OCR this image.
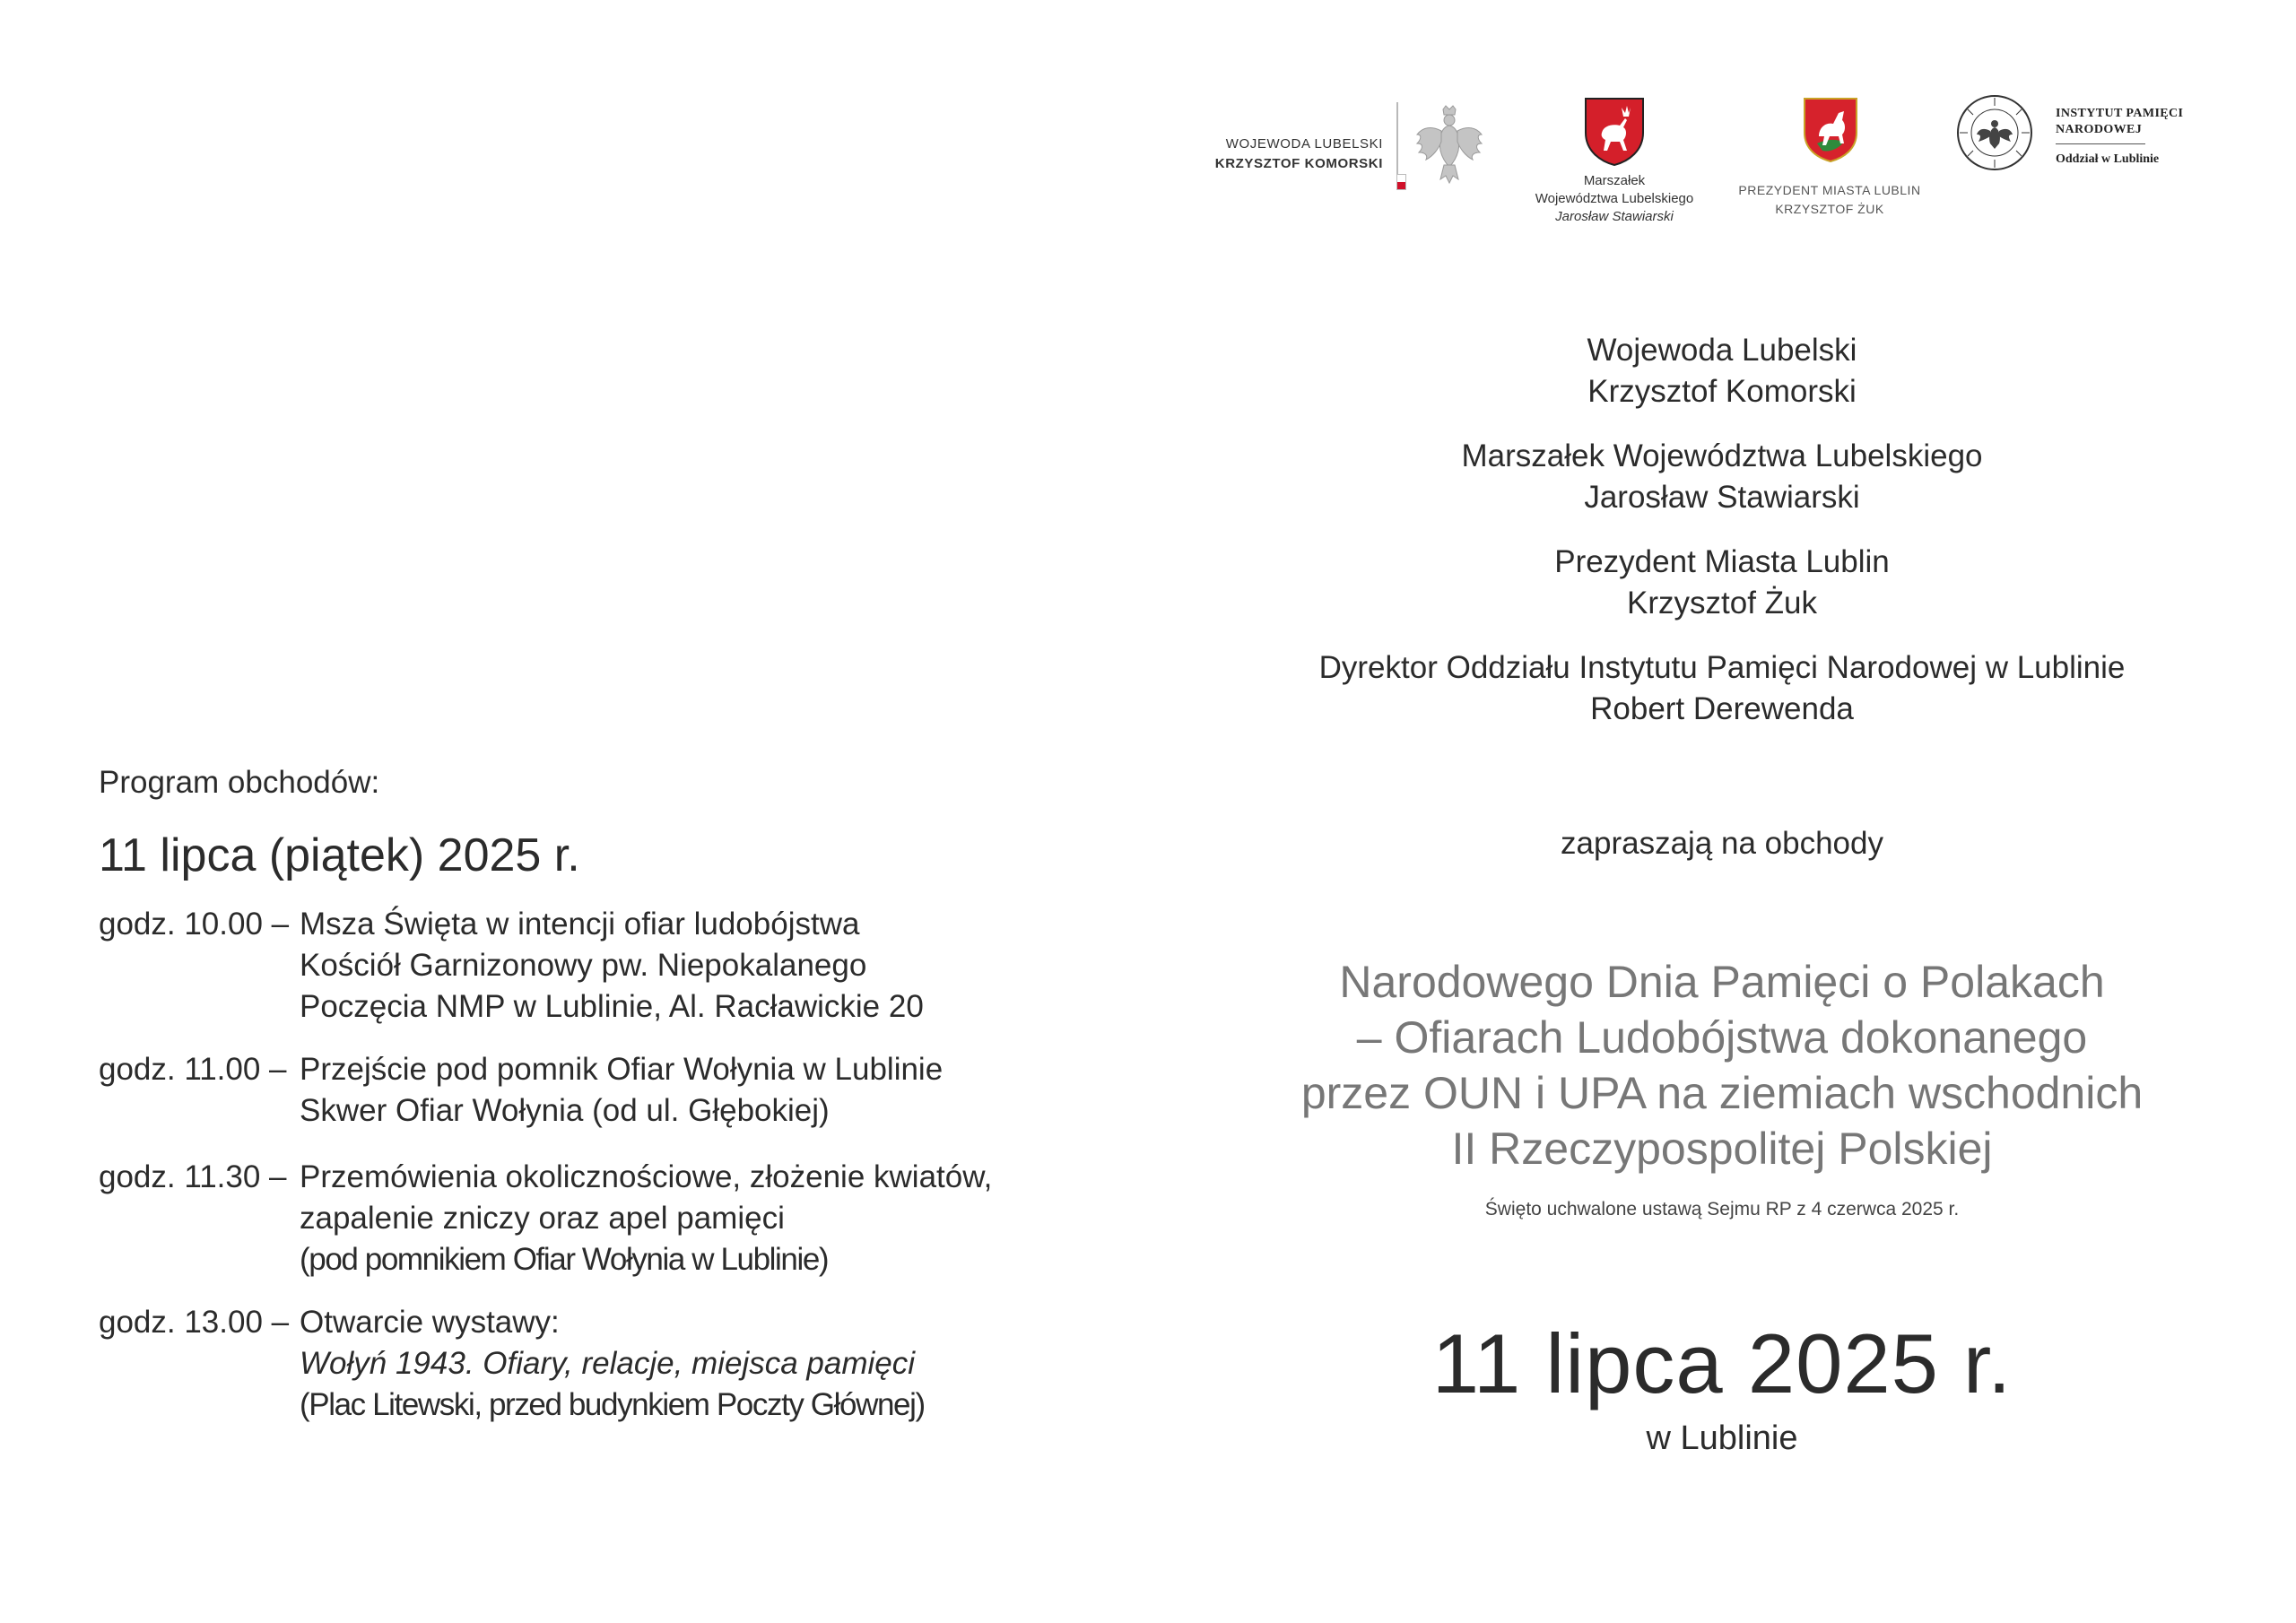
WOJEWODA LUBELSKI
KRZYSZTOF KOMORSKI
Marszałek
Województwa Lubelskiego
Jarosław Stawiarski
PREZYDENT MIASTA LUBLIN
KRZYSZTOF ŻUK
INSTYTUT PAMIĘCI
NARODOWEJ
Oddział w Lublinie
Wojewoda Lubelski
Krzysztof Komorski
Marszałek Województwa Lubelskiego
Jarosław Stawiarski
Prezydent Miasta Lublin
Krzysztof Żuk
Dyrektor Oddziału Instytutu Pamięci Narodowej w Lublinie
Robert Derewenda
zapraszają na obchody
Narodowego Dnia Pamięci o Polakach
– Ofiarach Ludobójstwa dokonanego
przez OUN i UPA na ziemiach wschodnich
II Rzeczypospolitej Polskiej
Święto uchwalone ustawą Sejmu RP z 4 czerwca 2025 r.
11 lipca 2025 r.
w Lublinie
Program obchodów:
11 lipca (piątek) 2025 r.
godz. 10.00 – Msza Święta w intencji ofiar ludobójstwa
Kościół Garnizonowy pw. Niepokalanego
Poczęcia NMP w Lublinie, Al. Racławickie 20
godz. 11.00 – Przejście pod pomnik Ofiar Wołynia w Lublinie
Skwer Ofiar Wołynia (od ul. Głębokiej)
godz. 11.30 – Przemówienia okolicznościowe, złożenie kwiatów,
zapalenie zniczy oraz apel pamięci
(pod pomnikiem Ofiar Wołynia w Lublinie)
godz. 13.00 – Otwarcie wystawy:
Wołyń 1943. Ofiary, relacje, miejsca pamięci
(Plac Litewski, przed budynkiem Poczty Głównej)
